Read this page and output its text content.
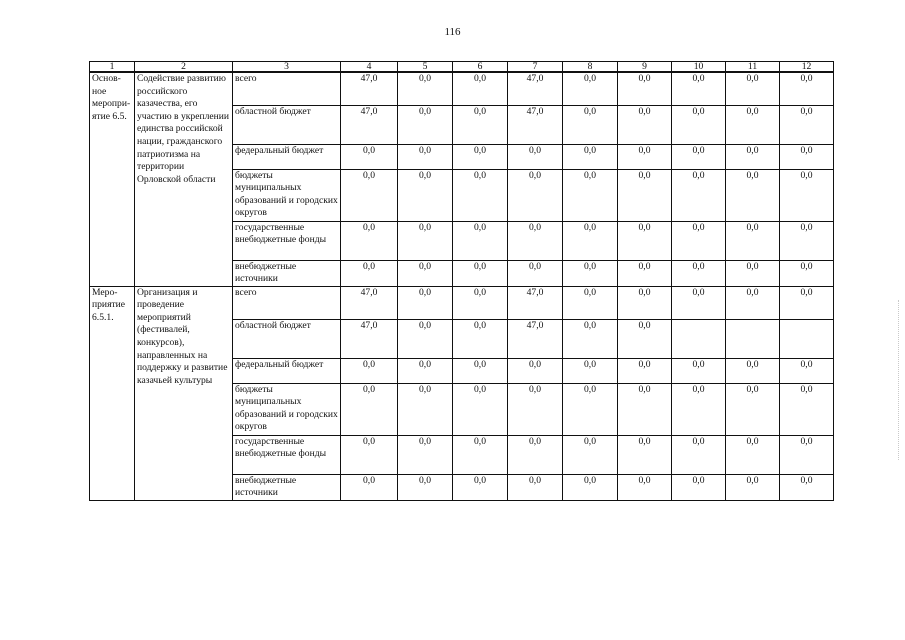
116
1	2	3	4	5	6	7	8	9	10	11	12
Основ-ное меропри-ятие 6.5.	Содействие развитию российского казачества, его участию в укреплении единства российской нации, гражданского патриотизма на территории Орловской области	всего	47,0	0,0	0,0	47,0	0,0	0,0	0,0	0,0	0,0
		областной бюджет	47,0	0,0	0,0	47,0	0,0	0,0	0,0	0,0	0,0
		федеральный бюджет	0,0	0,0	0,0	0,0	0,0	0,0	0,0	0,0	0,0
		бюджеты муниципальных образований и городских округов	0,0	0,0	0,0	0,0	0,0	0,0	0,0	0,0	0,0
		государственные внебюджетные фонды	0,0	0,0	0,0	0,0	0,0	0,0	0,0	0,0	0,0
		внебюджетные источники	0,0	0,0	0,0	0,0	0,0	0,0	0,0	0,0	0,0
Меро-приятие 6.5.1.	Организация и проведение мероприятий (фестивалей, конкурсов), направленных на поддержку и развитие казачьей культуры	всего	47,0	0,0	0,0	47,0	0,0	0,0	0,0	0,0	0,0
		областной бюджет	47,0	0,0	0,0	47,0	0,0	0,0			
		федеральный бюджет	0,0	0,0	0,0	0,0	0,0	0,0	0,0	0,0	0,0
		бюджеты муниципальных образований и городских округов	0,0	0,0	0,0	0,0	0,0	0,0	0,0	0,0	0,0
		государственные внебюджетные фонды	0,0	0,0	0,0	0,0	0,0	0,0	0,0	0,0	0,0
		внебюджетные источники	0,0	0,0	0,0	0,0	0,0	0,0	0,0	0,0	0,0
